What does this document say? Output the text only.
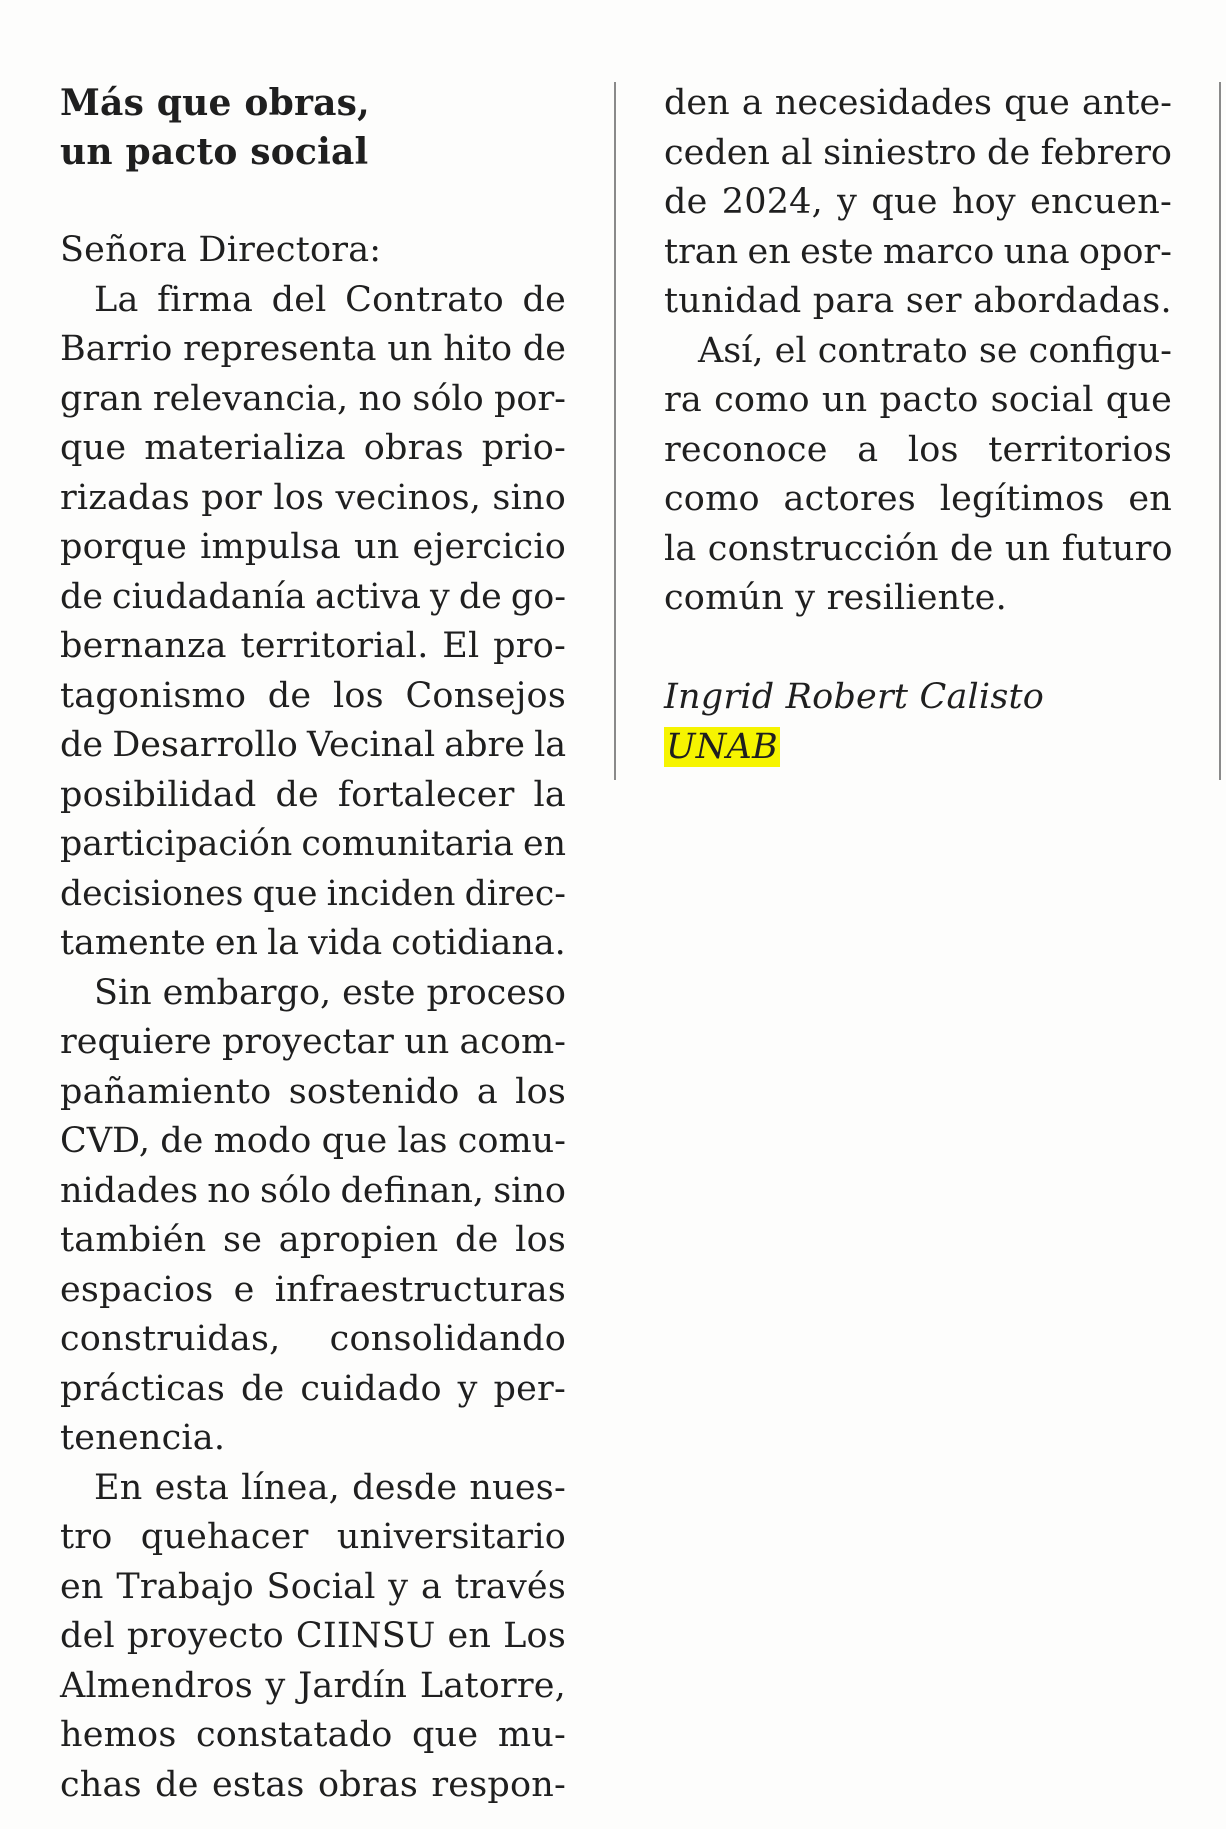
Más que obras,
un pacto social
Señora Directora:
La firma del Contrato de
Barrio representa un hito de
gran relevancia, no sólo por-
que materializa obras prio-
rizadas por los vecinos, sino
porque impulsa un ejercicio
de ciudadanía activa y de go-
bernanza territorial. El pro-
tagonismo de los Consejos
de Desarrollo Vecinal abre la
posibilidad de fortalecer la
participación comunitaria en
decisiones que inciden direc-
tamente en la vida cotidiana.
Sin embargo, este proceso
requiere proyectar un acom-
pañamiento sostenido a los
CVD, de modo que las comu-
nidades no sólo definan, sino
también se apropien de los
espacios e infraestructuras
construidas, consolidando
prácticas de cuidado y per-
tenencia.
En esta línea, desde nues-
tro quehacer universitario
en Trabajo Social y a través
del proyecto CIINSU en Los
Almendros y Jardín Latorre,
hemos constatado que mu-
chas de estas obras respon-
den a necesidades que ante-
ceden al siniestro de febrero
de 2024, y que hoy encuen-
tran en este marco una opor-
tunidad para ser abordadas.
Así, el contrato se configu-
ra como un pacto social que
reconoce a los territorios
como actores legítimos en
la construcción de un futuro
común y resiliente.
Ingrid Robert Calisto
UNAB
